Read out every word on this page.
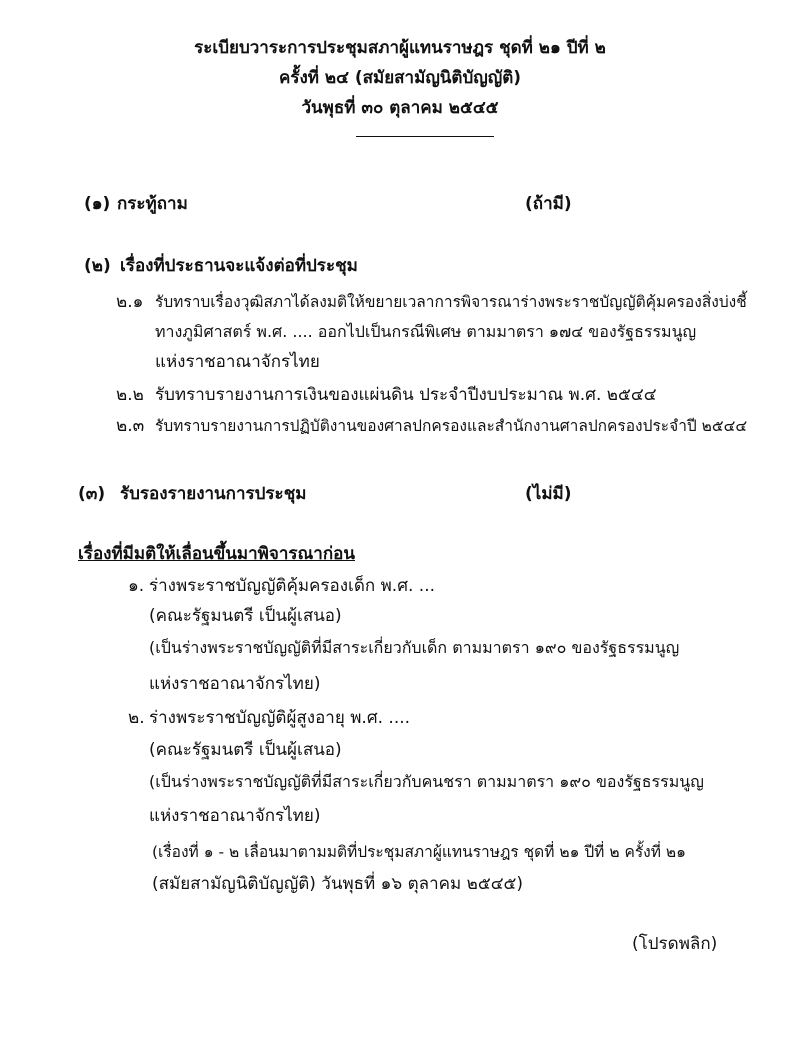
ระเบียบวาระการประชุมสภาผู้แทนราษฎร ชุดที่ ๒๑ ปีที่ ๒
ครั้งที่ ๒๔ (สมัยสามัญนิติบัญญัติ)
วันพุธที่ ๓๐ ตุลาคม ๒๕๔๕
(๑) กระทู้ถาม	(ถ้ามี)
(๒) เรื่องที่ประธานจะแจ้งต่อที่ประชุม
๒.๑ รับทราบเรื่องวุฒิสภาได้ลงมติให้ขยายเวลาการพิจารณาร่างพระราชบัญญัติคุ้มครองสิ่งบ่งชี้
ทางภูมิศาสตร์ พ.ศ. .... ออกไปเป็นกรณีพิเศษ ตามมาตรา ๑๗๔ ของรัฐธรรมนูญ
แห่งราชอาณาจักรไทย
๒.๒ รับทราบรายงานการเงินของแผ่นดิน ประจำปีงบประมาณ พ.ศ. ๒๕๔๔
๒.๓ รับทราบรายงานการปฏิบัติงานของศาลปกครองและสำนักงานศาลปกครองประจำปี ๒๕๔๔
(๓) รับรองรายงานการประชุม	(ไม่มี)
เรื่องที่มีมติให้เลื่อนขึ้นมาพิจารณาก่อน
๑. ร่างพระราชบัญญัติคุ้มครองเด็ก พ.ศ. ...
(คณะรัฐมนตรี เป็นผู้เสนอ)
(เป็นร่างพระราชบัญญัติที่มีสาระเกี่ยวกับเด็ก ตามมาตรา ๑๙๐ ของรัฐธรรมนูญ
แห่งราชอาณาจักรไทย)
๒. ร่างพระราชบัญญัติผู้สูงอายุ พ.ศ. ....
(คณะรัฐมนตรี เป็นผู้เสนอ)
(เป็นร่างพระราชบัญญัติที่มีสาระเกี่ยวกับคนชรา ตามมาตรา ๑๙๐ ของรัฐธรรมนูญ
แห่งราชอาณาจักรไทย)
(เรื่องที่ ๑ - ๒ เลื่อนมาตามมติที่ประชุมสภาผู้แทนราษฎร ชุดที่ ๒๑ ปีที่ ๒ ครั้งที่ ๒๑
(สมัยสามัญนิติบัญญัติ) วันพุธที่ ๑๖ ตุลาคม ๒๕๔๕)
(โปรดพลิก)
